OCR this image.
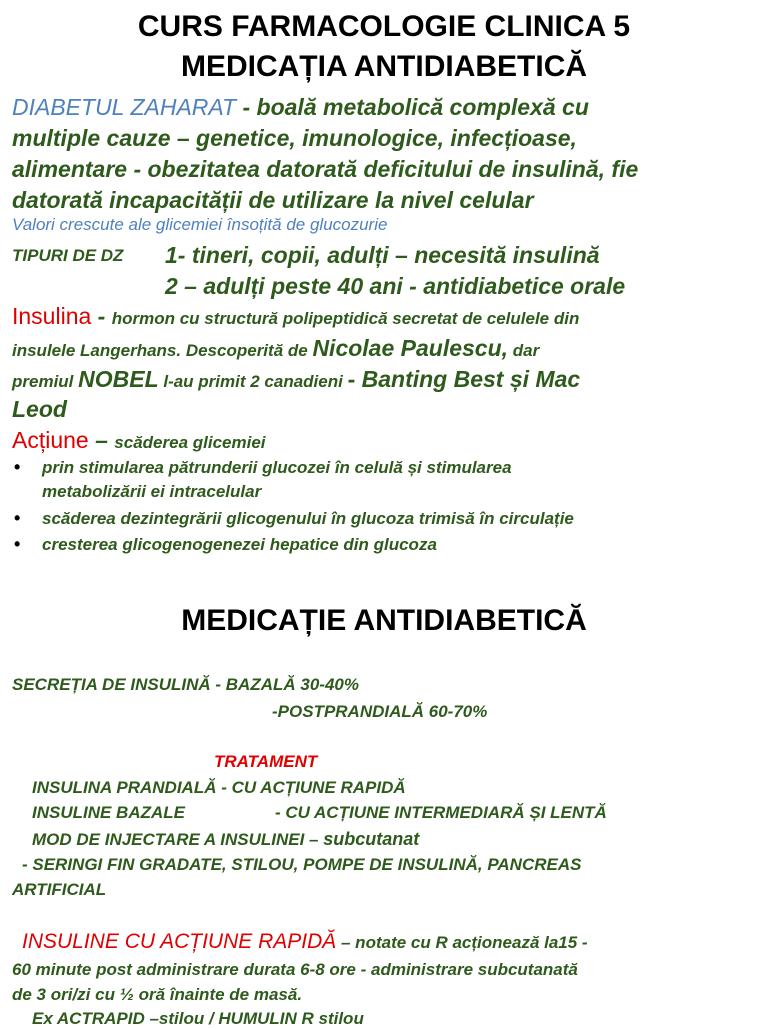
CURS FARMACOLOGIE CLINICA 5
MEDICAȚIA ANTIDIABETICĂ
DIABETUL ZAHARAT - boală metabolică complexă cu
multiple cauze – genetice, imunologice, infecțioase,
alimentare - obezitatea datorată deficitului de insulină, fie
datorată incapacității de utilizare la nivel celular
Valori crescute ale glicemiei însoțită de glucozurie
TIPURI DE DZ 1- tineri, copii, adulți – necesită insulină
2 – adulți peste 40 ani - antidiabetice orale
Insulina - hormon cu structură polipeptidică secretat de celulele din
insulele Langerhans. Descoperită de Nicolae Paulescu, dar
premiul NOBEL l-au primit 2 canadieni - Banting Best și Mac
Leod
Acțiune – scăderea glicemiei
• prin stimularea pătrunderii glucozei în celulă și stimularea
metabolizării ei intracelular
• scăderea dezintegrării glicogenului în glucoza trimisă în circulație
• cresterea glicogenogenezei hepatice din glucoza
MEDICAȚIE ANTIDIABETICĂ
SECREȚIA DE INSULINĂ - BAZALĂ 30-40%
-POSTPRANDIALĂ 60-70%
TRATAMENT
INSULINA PRANDIALĂ - CU ACȚIUNE RAPIDĂ
INSULINE BAZALE	- CU ACȚIUNE INTERMEDIARĂ ȘI LENTĂ
MOD DE INJECTARE A INSULINEI – subcutanat
- SERINGI FIN GRADATE, STILOU, POMPE DE INSULINĂ, PANCREAS
ARTIFICIAL
INSULINE CU ACȚIUNE RAPIDĂ – notate cu R acționează la15 -
60 minute post administrare durata 6-8 ore - administrare subcutanată
de 3 ori/zi cu ½ oră înainte de masă.
Ex ACTRAPID –stilou / HUMULIN R stilou
